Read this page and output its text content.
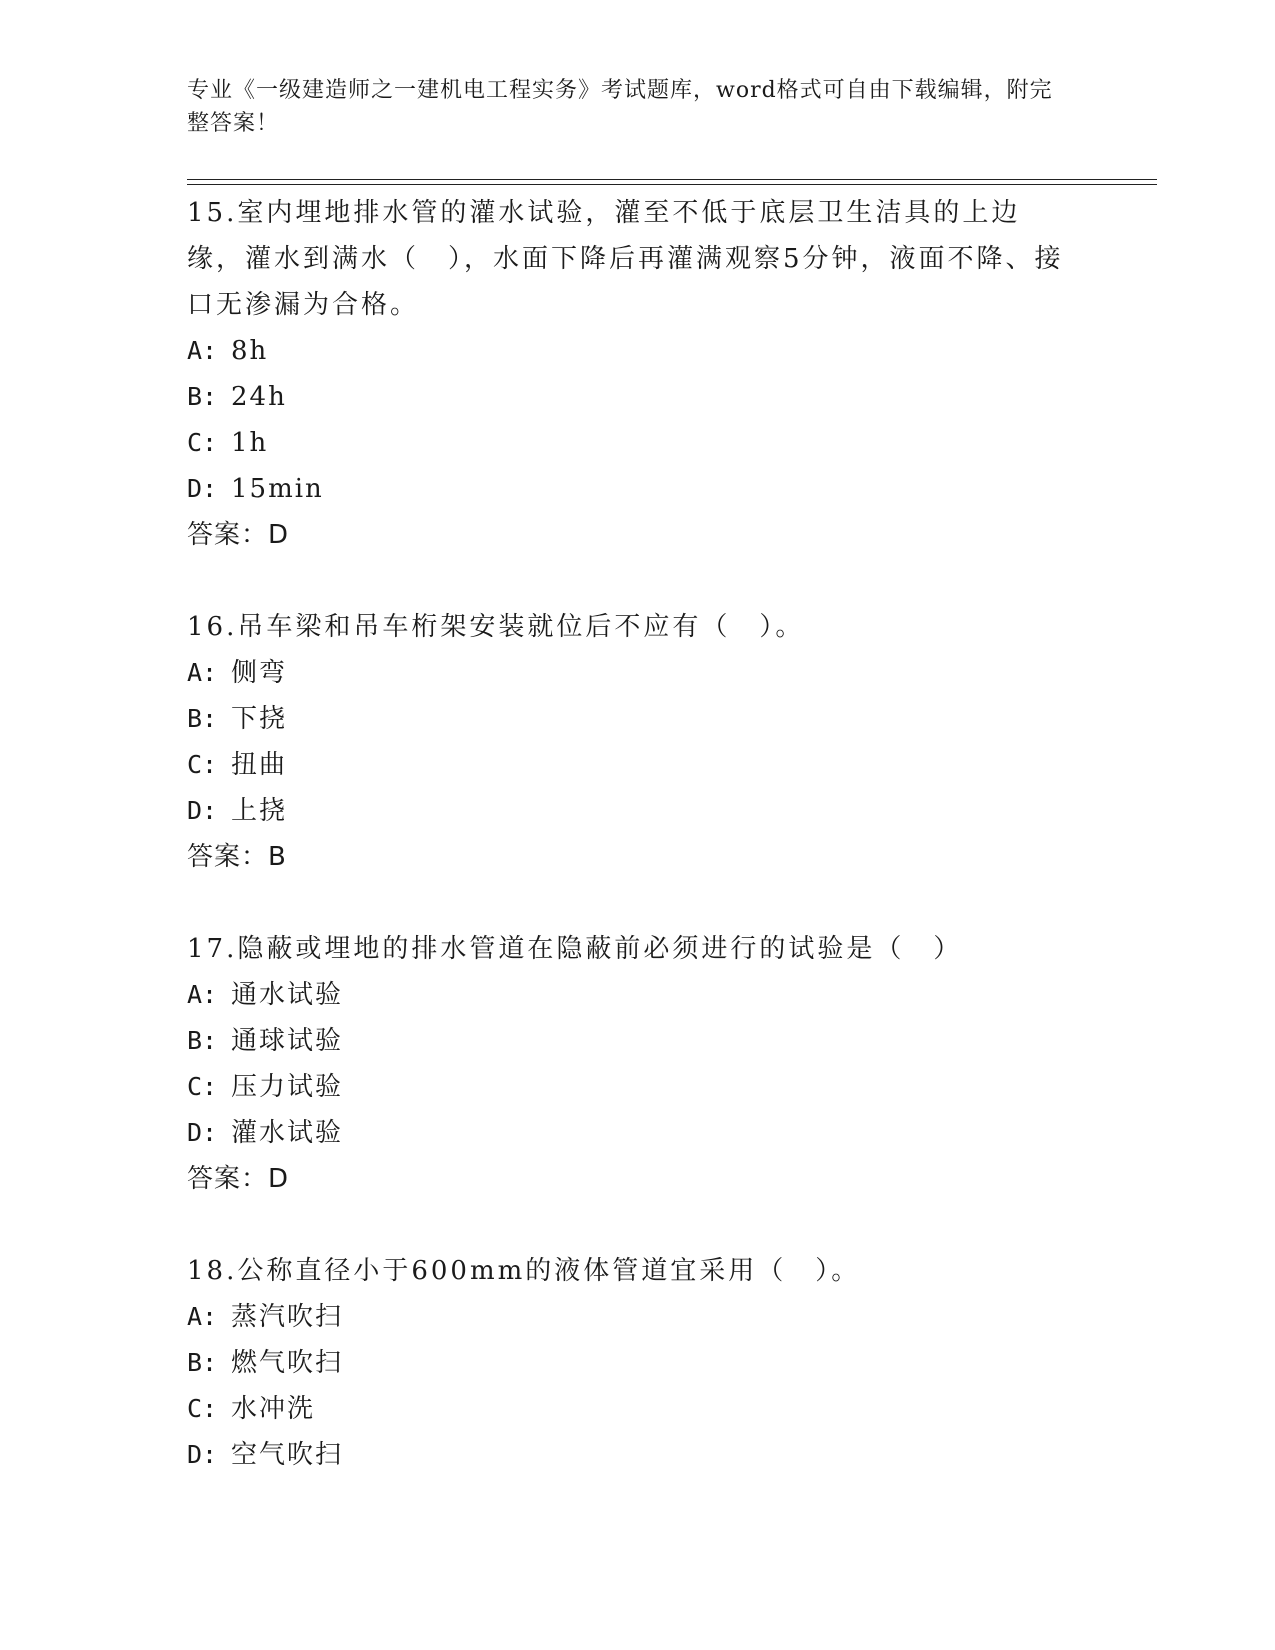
专业《一级建造师之一建机电工程实务》考试题库，word格式可自由下载编辑，附完整答案！

15.室内埋地排水管的灌水试验，灌至不低于底层卫生洁具的上边缘，灌水到满水（　），水面下降后再灌满观察5分钟，液面不降、接口无渗漏为合格。

A: 8h

B: 24h

C: 1h

D: 15min

答案：D

16.吊车梁和吊车桁架安装就位后不应有（　）。

A: 侧弯

B: 下挠

C: 扭曲

D: 上挠

答案：B

17.隐蔽或埋地的排水管道在隐蔽前必须进行的试验是（　）

A: 通水试验

B: 通球试验

C: 压力试验

D: 灌水试验

答案：D

18.公称直径小于600mm的液体管道宜采用（　）。

A: 蒸汽吹扫

B: 燃气吹扫

C: 水冲洗

D: 空气吹扫
